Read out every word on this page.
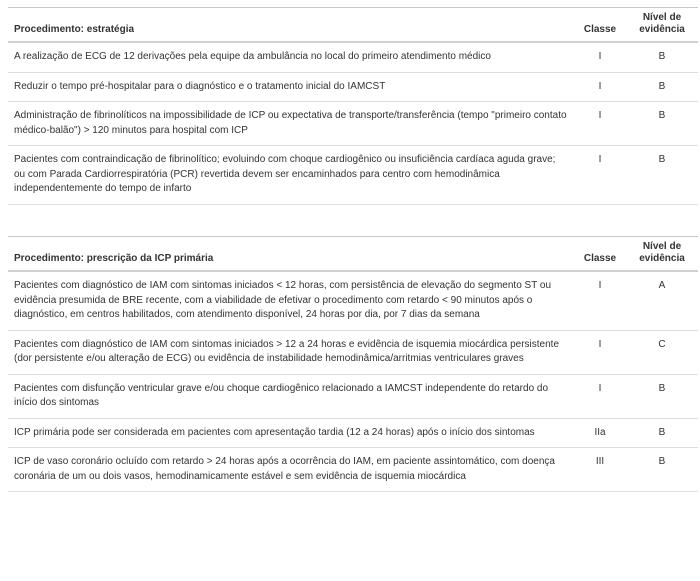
Procedimento: estratégia	Classe	Nível de
evidência

A realização de ECG de 12 derivações pela equipe da ambulância no local do primeiro atendimento médico	I	B
Reduzir o tempo pré-hospitalar para o diagnóstico e o tratamento inicial do IAMCST	I	B
Administração de fibrinolíticos na impossibilidade de ICP ou expectativa de transporte/transferência (tempo "primeiro contato médico-balão") > 120 minutos para hospital com ICP	I	B
Pacientes com contraindicação de fibrinolítico; evoluindo com choque cardiogênico ou insuficiência cardíaca aguda grave; ou com Parada Cardiorrespiratória (PCR) revertida devem ser encaminhados para centro com hemodinâmica independentemente do tempo de infarto	I	B
Procedimento: prescrição da ICP primária	Classe	Nível de
evidência

Pacientes com diagnóstico de IAM com sintomas iniciados < 12 horas, com persistência de elevação do segmento ST ou evidência presumida de BRE recente, com a viabilidade de efetivar o procedimento com retardo < 90 minutos após o diagnóstico, em centros habilitados, com atendimento disponível, 24 horas por dia, por 7 dias da semana	I	A
Pacientes com diagnóstico de IAM com sintomas iniciados > 12 a 24 horas e evidência de isquemia miocárdica persistente (dor persistente e/ou alteração de ECG) ou evidência de instabilidade hemodinâmica/arritmias ventriculares graves	I	C
Pacientes com disfunção ventricular grave e/ou choque cardiogênico relacionado a IAMCST independente do retardo do início dos sintomas	I	B
ICP primária pode ser considerada em pacientes com apresentação tardia (12 a 24 horas) após o início dos sintomas	IIa	B
ICP de vaso coronário ocluído com retardo > 24 horas após a ocorrência do IAM, em paciente assintomático, com doença coronária de um ou dois vasos, hemodinamicamente estável e sem evidência de isquemia miocárdica	III	B
